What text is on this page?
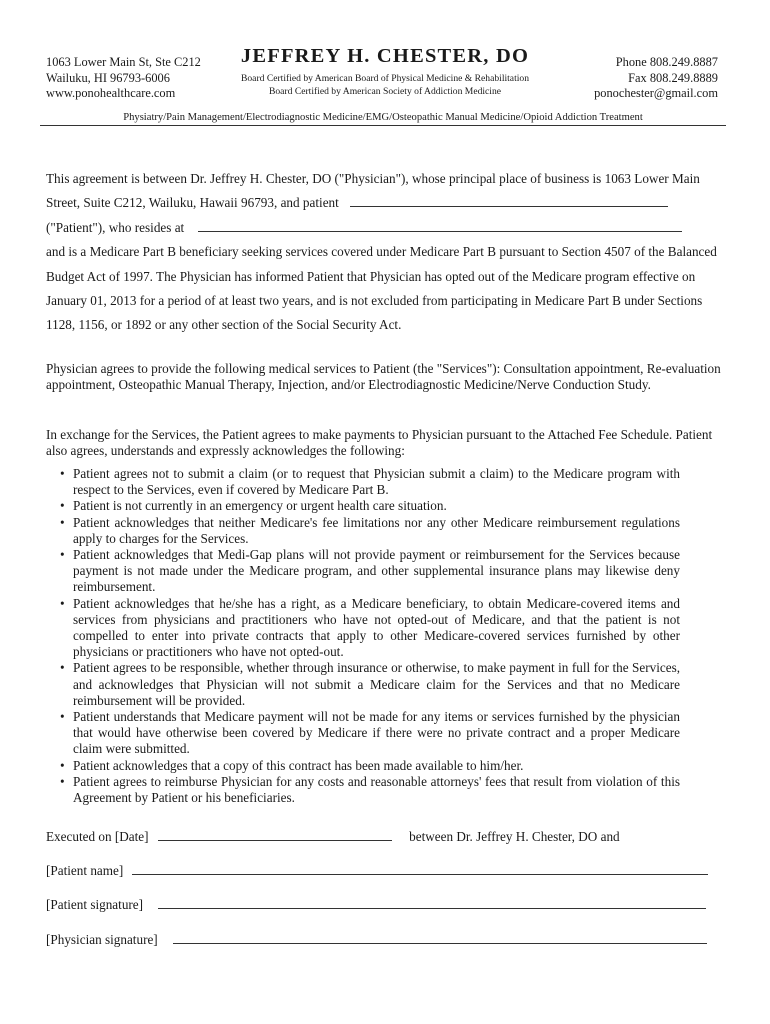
1063 Lower Main St, Ste C212
Wailuku, HI 96793-6006
www.ponohealthcare.com
JEFFREY H. CHESTER, DO
Board Certified by American Board of Physical Medicine & Rehabilitation
Board Certified by American Society of Addiction Medicine
Phone 808.249.8887
Fax 808.249.8889
ponochester@gmail.com
Physiatry/Pain Management/Electrodiagnostic Medicine/EMG/Osteopathic Manual Medicine/Opioid Addiction Treatment
This agreement is between Dr. Jeffrey H. Chester, DO ("Physician"), whose principal place of business is 1063 Lower Main Street, Suite C212, Wailuku, Hawaii 96793, and patient
("Patient"), who resides at
and is a Medicare Part B beneficiary seeking services covered under Medicare Part B pursuant to Section 4507 of the Balanced Budget Act of 1997. The Physician has informed Patient that Physician has opted out of the Medicare program effective on January 01, 2013 for a period of at least two years, and is not excluded from participating in Medicare Part B under Sections 1128, 1156, or 1892 or any other section of the Social Security Act.
Physician agrees to provide the following medical services to Patient (the "Services"): Consultation appointment, Re-evaluation appointment, Osteopathic Manual Therapy, Injection, and/or Electrodiagnostic Medicine/Nerve Conduction Study.
In exchange for the Services, the Patient agrees to make payments to Physician pursuant to the Attached Fee Schedule. Patient also agrees, understands and expressly acknowledges the following:
• Patient agrees not to submit a claim (or to request that Physician submit a claim) to the Medicare program with respect to the Services, even if covered by Medicare Part B.
• Patient is not currently in an emergency or urgent health care situation.
• Patient acknowledges that neither Medicare's fee limitations nor any other Medicare reimbursement regulations apply to charges for the Services.
• Patient acknowledges that Medi-Gap plans will not provide payment or reimbursement for the Services because payment is not made under the Medicare program, and other supplemental insurance plans may likewise deny reimbursement.
• Patient acknowledges that he/she has a right, as a Medicare beneficiary, to obtain Medicare-covered items and services from physicians and practitioners who have not opted-out of Medicare, and that the patient is not compelled to enter into private contracts that apply to other Medicare-covered services furnished by other physicians or practitioners who have not opted-out.
• Patient agrees to be responsible, whether through insurance or otherwise, to make payment in full for the Services, and acknowledges that Physician will not submit a Medicare claim for the Services and that no Medicare reimbursement will be provided.
• Patient understands that Medicare payment will not be made for any items or services furnished by the physician that would have otherwise been covered by Medicare if there were no private contract and a proper Medicare claim were submitted.
• Patient acknowledges that a copy of this contract has been made available to him/her.
• Patient agrees to reimburse Physician for any costs and reasonable attorneys' fees that result from violation of this Agreement by Patient or his beneficiaries.
Executed on [Date]	between Dr. Jeffrey H. Chester, DO and
[Patient name]
[Patient signature]
[Physician signature]
